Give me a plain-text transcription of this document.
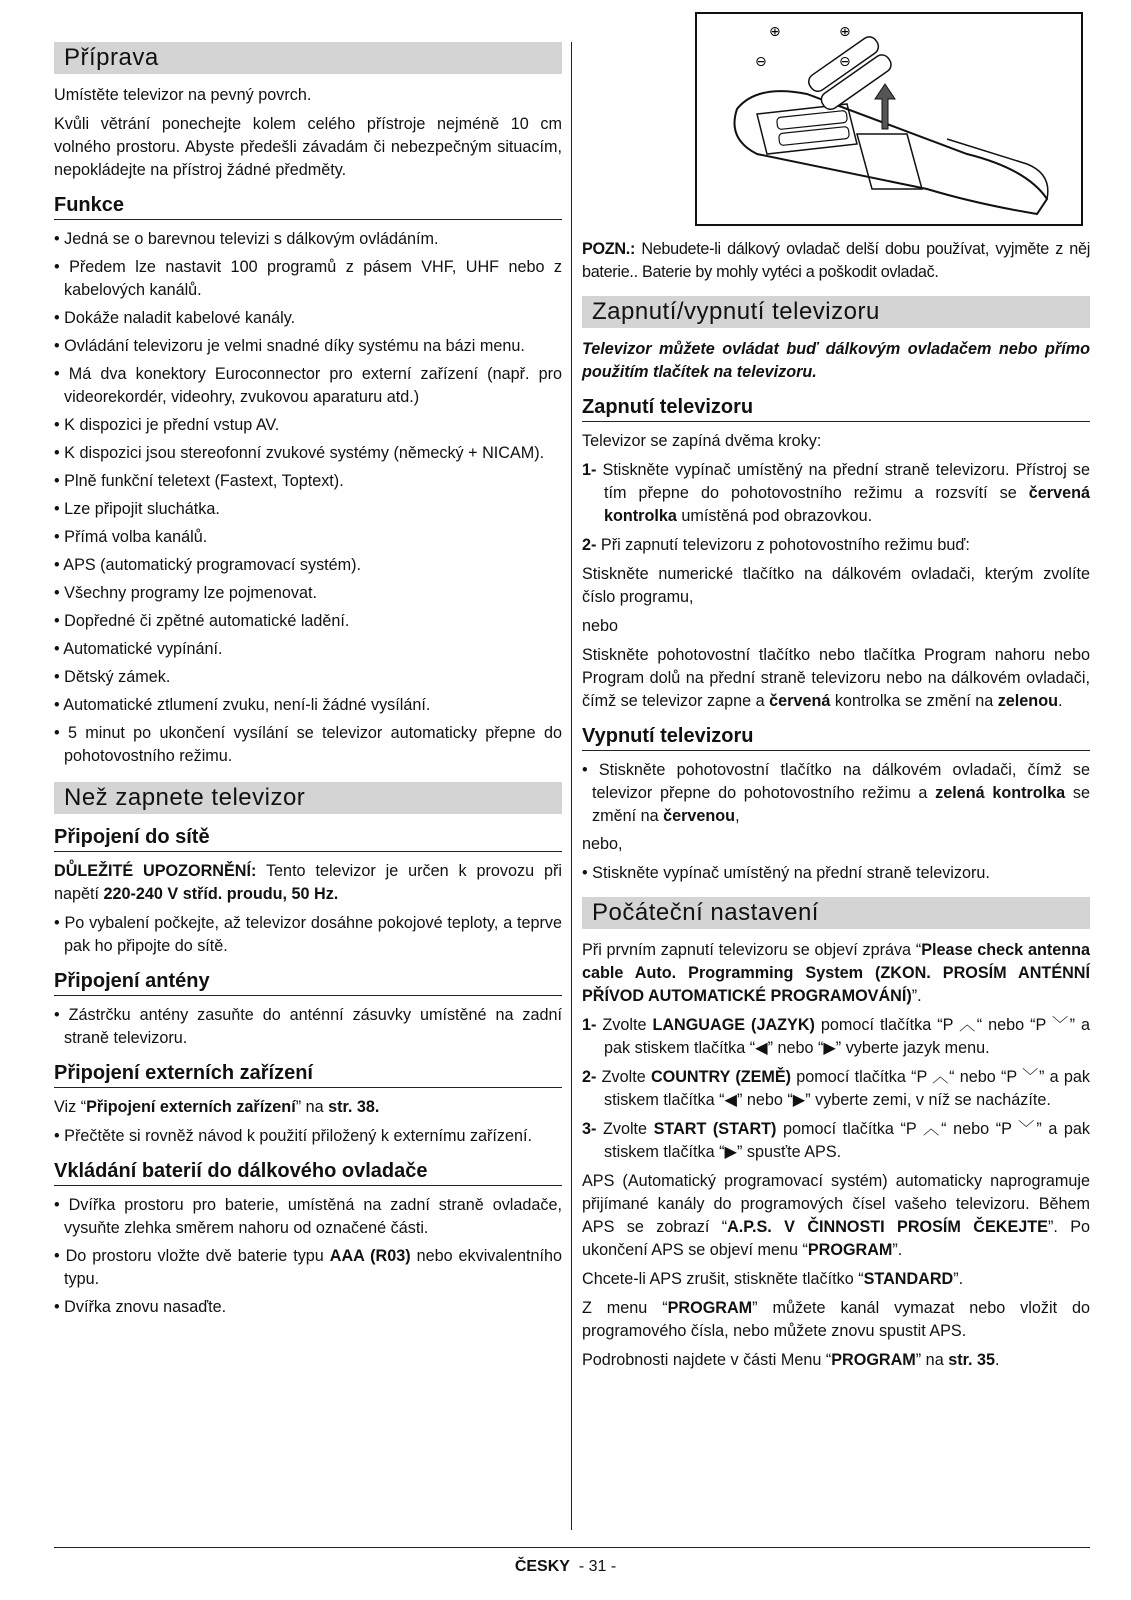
Příprava

Umístěte televizor na pevný povrch.

Kvůli větrání ponechejte kolem celého přístroje nejméně 10 cm volného prostoru. Abyste předešli závadám či nebezpečným situacím, nepokládejte na přístroj žádné předměty.

Funkce
• Jedná se o barevnou televizi s dálkovým ovládáním.
• Předem lze nastavit 100 programů z pásem VHF, UHF nebo z kabelových kanálů.
• Dokáže naladit kabelové kanály.
• Ovládání televizoru je velmi snadné díky systému na bázi menu.
• Má dva konektory Euroconnector pro externí zařízení (např. pro videorekordér, videohry, zvukovou aparaturu atd.)
• K dispozici je přední vstup AV.
• K dispozici jsou stereofonní zvukové systémy (německý + NICAM).
• Plně funkční teletext (Fastext, Toptext).
• Lze připojit sluchátka.
• Přímá volba kanálů.
• APS (automatický programovací systém).
• Všechny programy lze pojmenovat.
• Dopředné či zpětné automatické ladění.
• Automatické vypínání.
• Dětský zámek.
• Automatické ztlumení zvuku, není-li žádné vysílání.
• 5 minut po ukončení vysílání se televizor automaticky přepne do pohotovostního režimu.
Než zapnete televizor
Připojení do sítě

DŮLEŽITÉ UPOZORNĚNÍ: Tento televizor je určen k provozu při napětí 220-240 V stříd. proudu, 50 Hz.

• Po vybalení počkejte, až televizor dosáhne pokojové teploty, a teprve pak ho připojte do sítě.
Připojení antény
• Zástrčku antény zasuňte do anténní zásuvky umístěné na zadní straně televizoru.
Připojení externích zařízení

Viz “Připojení externích zařízení” na str. 38.

• Přečtěte si rovněž návod k použití přiložený k externímu zařízení.
Vkládání baterií do dálkového ovladače
• Dvířka prostoru pro baterie, umístěná na zadní straně ovladače, vysuňte zlehka směrem nahoru od označené části.
• Do prostoru vložte dvě baterie typu AAA (R03) nebo ekvivalentního typu.
• Dvířka znovu nasaďte.
⊕	⊕
⊖	⊖

POZN.: Nebudete-li dálkový ovladač delší dobu používat, vyjměte z něj baterie.. Baterie by mohly vytéci a poškodit ovladač.

Zapnutí/vypnutí televizoru

Televizor můžete ovládat buď dálkovým ovladačem nebo přímo použitím tlačítek na televizoru.

Zapnutí televizoru

Televizor se zapíná dvěma kroky:

1- Stiskněte vypínač umístěný na přední straně televizoru. Přístroj se tím přepne do pohotovostního režimu a rozsvítí se červená kontrolka umístěná pod obrazovkou.

2- Při zapnutí televizoru z pohotovostního režimu buď:

Stiskněte numerické tlačítko na dálkovém ovladači, kterým zvolíte číslo programu,

nebo

Stiskněte pohotovostní tlačítko nebo tlačítka Program nahoru nebo Program dolů na přední straně televizoru nebo na dálkovém ovladači, čímž se televizor zapne a červená kontrolka se změní na zelenou.

Vypnutí televizoru
• Stiskněte pohotovostní tlačítko na dálkovém ovladači, čímž se televizor přepne do pohotovostního režimu a zelená kontrolka se změní na červenou,

nebo,

• Stiskněte vypínač umístěný na přední straně televizoru.
Počáteční nastavení

Při prvním zapnutí televizoru se objeví zpráva “Please check antenna cable Auto. Programming System (ZKON. PROSÍM ANTÉNNÍ PŘÍVOD AUTOMATICKÉ PROGRAMOVÁNÍ)”.

1- Zvolte LANGUAGE (JAZYK) pomocí tlačítka “P ︿“ nebo “P ﹀” a pak stiskem tlačítka “◀” nebo “▶” vyberte jazyk menu.

2- Zvolte COUNTRY (ZEMĚ) pomocí tlačítka “P ︿“ nebo “P ﹀” a pak stiskem tlačítka “◀” nebo “▶” vyberte zemi, v níž se nacházíte.

3- Zvolte START (START) pomocí tlačítka “P ︿“ nebo “P ﹀” a pak stiskem tlačítka “▶” spusťte APS.

APS (Automatický programovací systém) automaticky naprogramuje přijímané kanály do programových čísel vašeho televizoru. Během APS se zobrazí “A.P.S. V ČINNOSTI PROSÍM ČEKEJTE”. Po ukončení APS se objeví menu “PROGRAM”.

Chcete-li APS zrušit, stiskněte tlačítko “STANDARD”.

Z menu “PROGRAM” můžete kanál vymazat nebo vložit do programového čísla, nebo můžete znovu spustit APS.

Podrobnosti najdete v části Menu “PROGRAM” na str. 35.

ČESKY - 31 -
